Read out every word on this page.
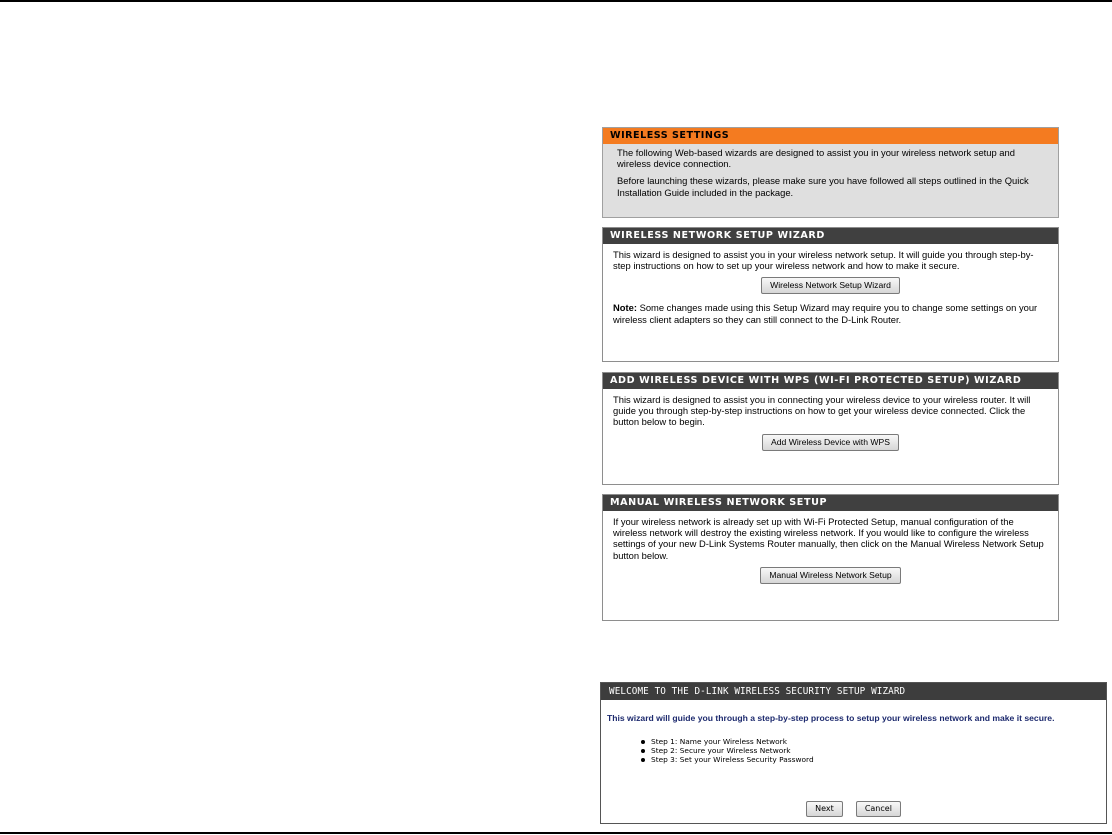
WIRELESS SETTINGS

The following Web-based wizards are designed to assist you in your wireless network setup and wireless device connection.

Before launching these wizards, please make sure you have followed all steps outlined in the Quick Installation Guide included in the package.

WIRELESS NETWORK SETUP WIZARD

This wizard is designed to assist you in your wireless network setup. It will guide you through step-by-step instructions on how to set up your wireless network and how to make it secure.

Wireless Network Setup Wizard

Note: Some changes made using this Setup Wizard may require you to change some settings on your wireless client adapters so they can still connect to the D-Link Router.

ADD WIRELESS DEVICE WITH WPS (WI-FI PROTECTED SETUP) WIZARD

This wizard is designed to assist you in connecting your wireless device to your wireless router. It will guide you through step-by-step instructions on how to get your wireless device connected. Click the button below to begin.

Add Wireless Device with WPS
MANUAL WIRELESS NETWORK SETUP

If your wireless network is already set up with Wi-Fi Protected Setup, manual configuration of the wireless network will destroy the existing wireless network. If you would like to configure the wireless settings of your new D-Link Systems Router manually, then click on the Manual Wireless Network Setup button below.

Manual Wireless Network Setup
WELCOME TO THE D-LINK WIRELESS SECURITY SETUP WIZARD
This wizard will guide you through a step-by-step process to setup your wireless network and make it secure.
Step 1: Name your Wireless Network
Step 2: Secure your Wireless Network
Step 3: Set your Wireless Security Password
Next	Cancel
